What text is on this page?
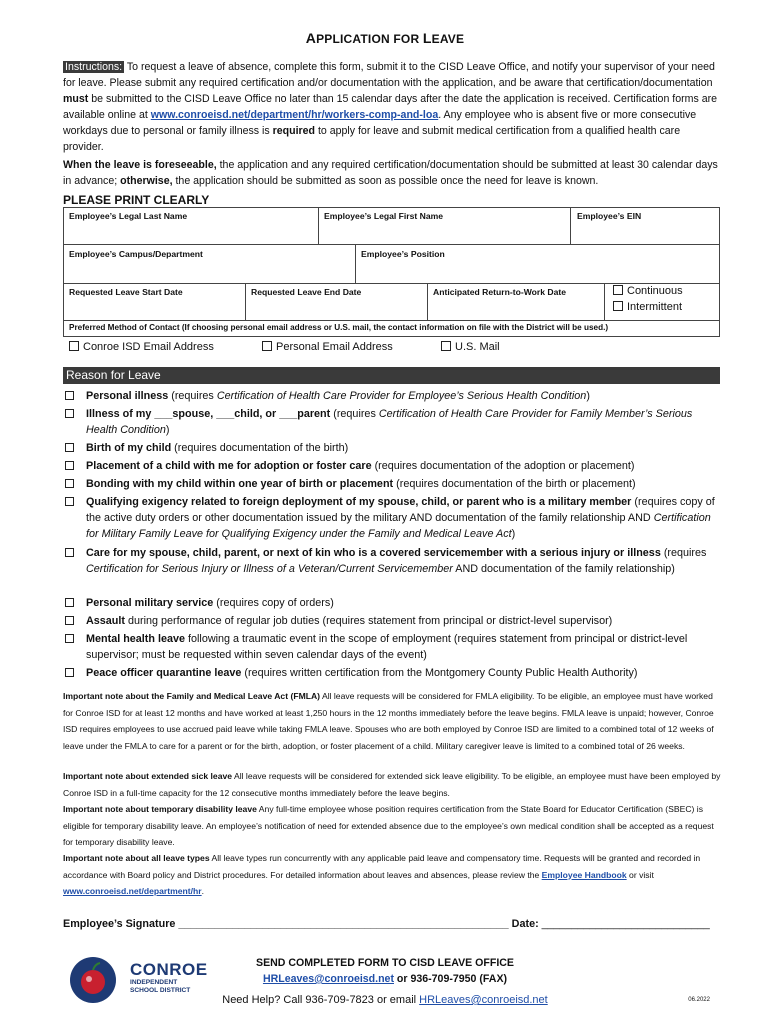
APPLICATION FOR LEAVE
Instructions: To request a leave of absence, complete this form, submit it to the CISD Leave Office, and notify your supervisor of your need for leave. Please submit any required certification and/or documentation with the application, and be aware that certification/documentation must be submitted to the CISD Leave Office no later than 15 calendar days after the date the application is received. Certification forms are available online at www.conroeisd.net/department/hr/workers-comp-and-loa. Any employee who is absent five or more consecutive workdays due to personal or family illness is required to apply for leave and submit medical certification from a qualified health care provider.
When the leave is foreseeable, the application and any required certification/documentation should be submitted at least 30 calendar days in advance; otherwise, the application should be submitted as soon as possible once the need for leave is known.
PLEASE PRINT CLEARLY
Employee’s Legal Last Name	Employee’s Legal First Name	Employee’s EIN
Employee’s Campus/Department	Employee’s Position
Requested Leave Start Date	Requested Leave End Date	Anticipated Return-to-Work Date	Continuous
Intermittent
Preferred Method of Contact (If choosing personal email address or U.S. mail, the contact information on file with the District will be used.)
Conroe ISD Email Address	Personal Email Address	U.S. Mail
Reason for Leave
Personal illness (requires Certification of Health Care Provider for Employee’s Serious Health Condition)
Illness of my ___spouse, ___child, or ___parent (requires Certification of Health Care Provider for Family Member’s Serious Health Condition)
Birth of my child (requires documentation of the birth)
Placement of a child with me for adoption or foster care (requires documentation of the adoption or placement)
Bonding with my child within one year of birth or placement (requires documentation of the birth or placement)
Qualifying exigency related to foreign deployment of my spouse, child, or parent who is a military member (requires copy of the active duty orders or other documentation issued by the military AND documentation of the family relationship AND Certification for Military Family Leave for Qualifying Exigency under the Family and Medical Leave Act)
Care for my spouse, child, parent, or next of kin who is a covered servicemember with a serious injury or illness (requires Certification for Serious Injury or Illness of a Veteran/Current Servicemember AND documentation of the family relationship)
Personal military service (requires copy of orders)
Assault during performance of regular job duties (requires statement from principal or district-level supervisor)
Mental health leave following a traumatic event in the scope of employment (requires statement from principal or district-level supervisor; must be requested within seven calendar days of the event)
Peace officer quarantine leave (requires written certification from the Montgomery County Public Health Authority)
Important note about the Family and Medical Leave Act (FMLA) All leave requests will be considered for FMLA eligibility. To be eligible, an employee must have worked for Conroe ISD for at least 12 months and have worked at least 1,250 hours in the 12 months immediately before the leave begins. FMLA leave is unpaid; however, Conroe ISD requires employees to use accrued paid leave while taking FMLA leave. Spouses who are both employed by Conroe ISD are limited to a combined total of 12 weeks of leave under the FMLA to care for a parent or for the birth, adoption, or foster placement of a child. Military caregiver leave is limited to a combined total of 26 weeks.
Important note about extended sick leave All leave requests will be considered for extended sick leave eligibility. To be eligible, an employee must have been employed by Conroe ISD in a full-time capacity for the 12 consecutive months immediately before the leave begins.
Important note about temporary disability leave Any full-time employee whose position requires certification from the State Board for Educator Certification (SBEC) is eligible for temporary disability leave. An employee’s notification of need for extended absence due to the employee’s own medical condition shall be accepted as a request for temporary disability leave.
Important note about all leave types All leave types run concurrently with any applicable paid leave and compensatory time. Requests will be granted and recorded in accordance with Board policy and District procedures. For detailed information about leaves and absences, please review the Employee Handbook or visit www.conroeisd.net/department/hr.
Employee’s Signature _______________________________________________________ Date: ____________________________
CONROE
INDEPENDENT
SCHOOL DISTRICT
SEND COMPLETED FORM TO CISD LEAVE OFFICE
HRLeaves@conroeisd.net or 936-709-7950 (FAX)
Need Help? Call 936-709-7823 or email HRLeaves@conroeisd.net	06.2022
